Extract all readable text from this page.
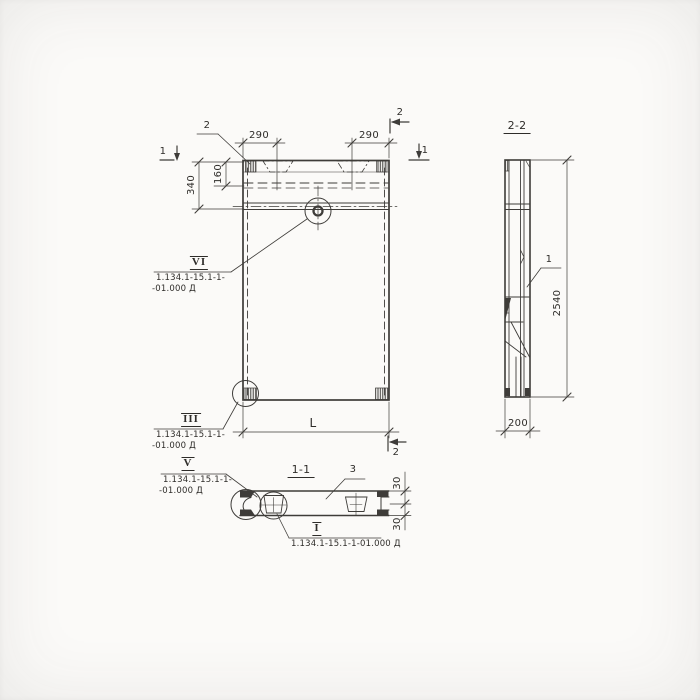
1	1
2
2
2
290	290
340
160
L
VI
1.134.1-15.1-1-
-01.000 Д
III
1.134.1-15.1-1-
-01.000 Д
2-2
2540
200
1
1-1	3
30
30
V
1.134.1-15.1-1-
-01.000 Д
I
1.134.1-15.1-1-01.000 Д
